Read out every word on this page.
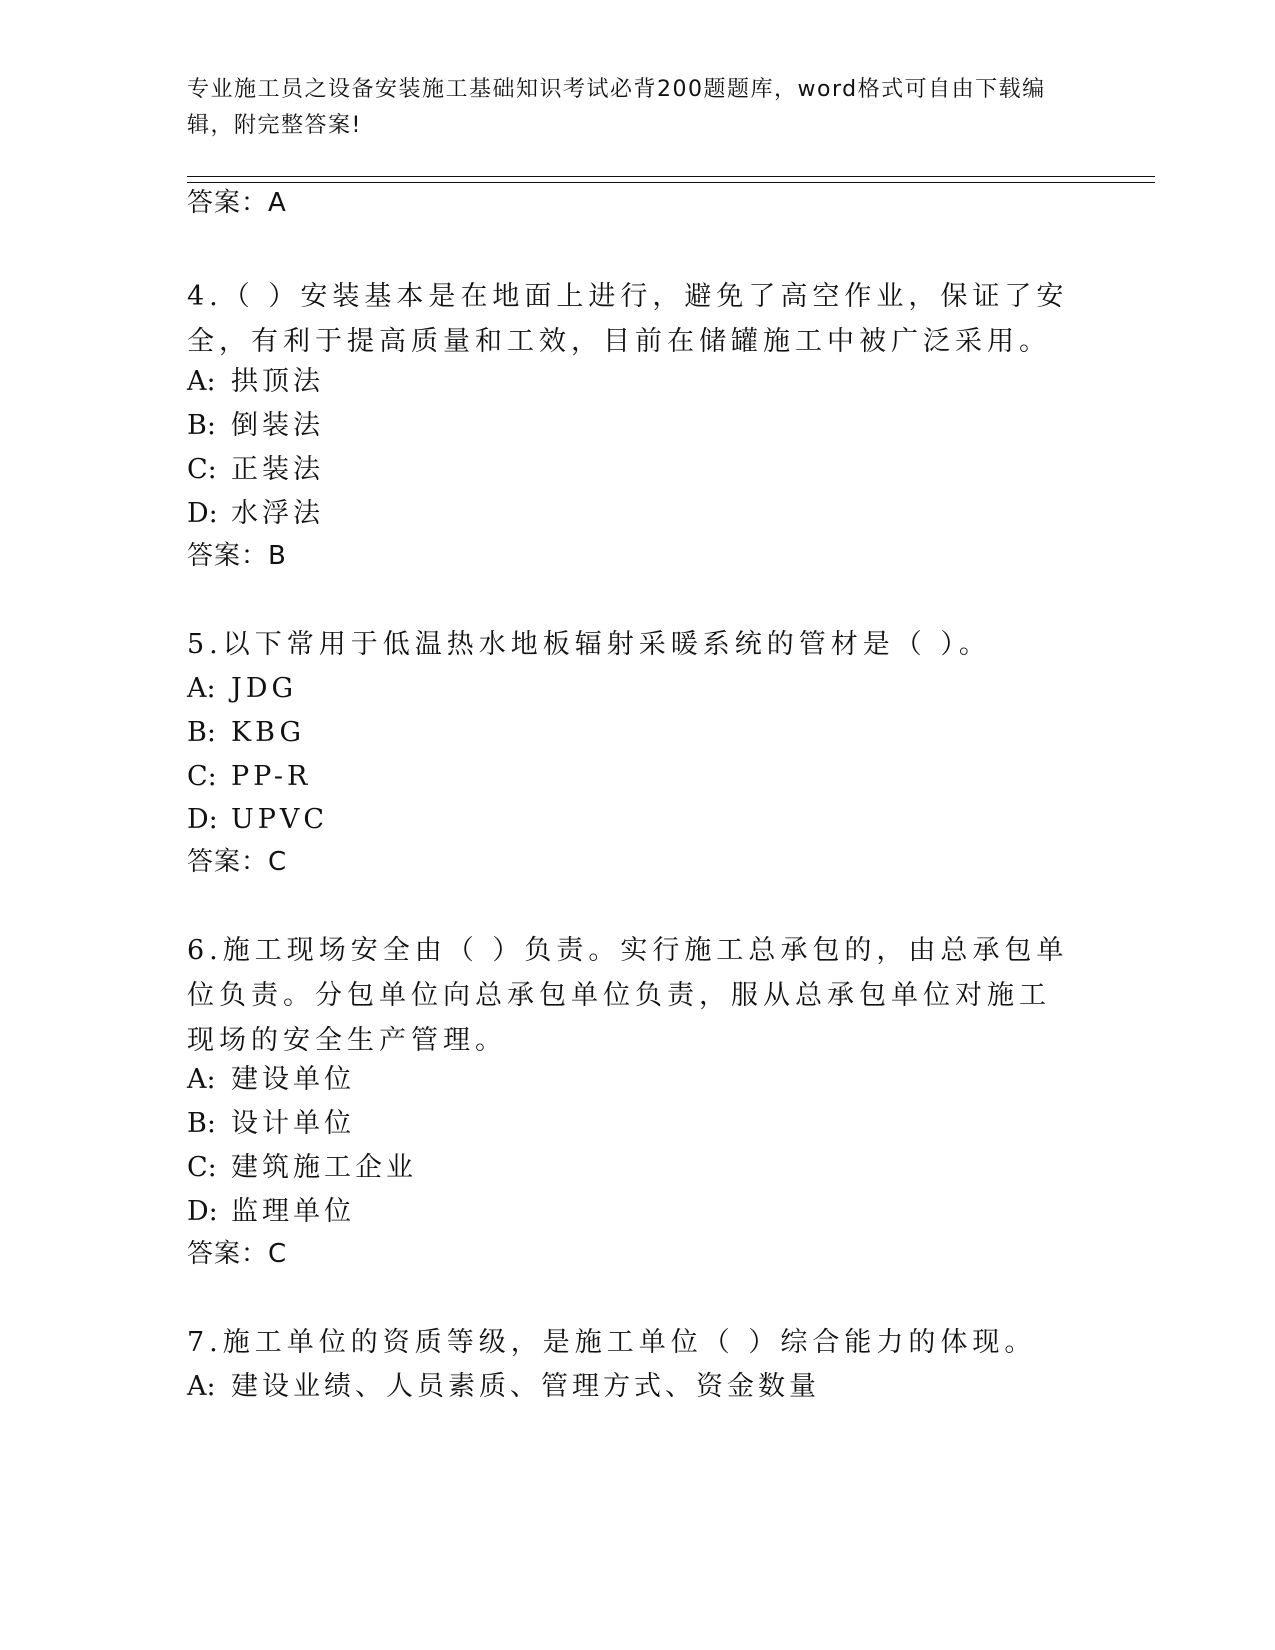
专业施工员之设备安装施工基础知识考试必背200题题库，word格式可自由下载编辑，附完整答案!
答案：A
4.（ ）安装基本是在地面上进行，避免了高空作业，保证了安全，有利于提高质量和工效，目前在储罐施工中被广泛采用。
A: 拱顶法
B: 倒装法
C: 正装法
D: 水浮法
答案：B
5.以下常用于低温热水地板辐射采暖系统的管材是（ ）。
A: JDG
B: KBG
C: PP-R
D: UPVC
答案：C
6.施工现场安全由（ ）负责。实行施工总承包的，由总承包单位负责。分包单位向总承包单位负责，服从总承包单位对施工现场的安全生产管理。
A: 建设单位
B: 设计单位
C: 建筑施工企业
D: 监理单位
答案：C
7.施工单位的资质等级，是施工单位（ ）综合能力的体现。
A: 建设业绩、人员素质、管理方式、资金数量
